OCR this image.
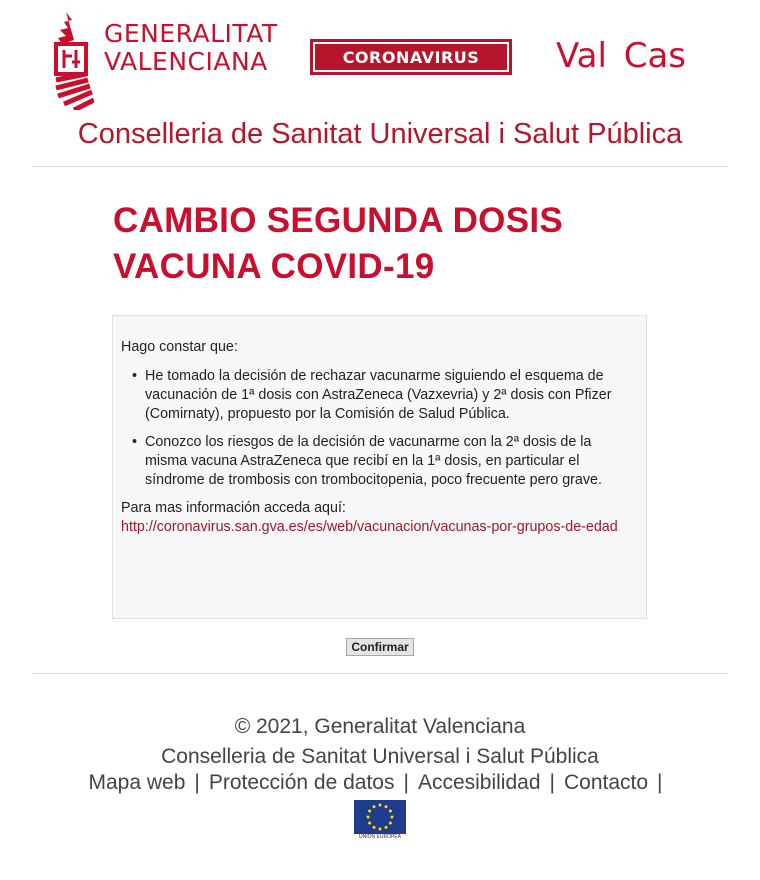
GENERALITAT
VALENCIANA	CORONAVIRUS	Val Cas
Conselleria de Sanitat Universal i Salut Pública
CAMBIO SEGUNDA DOSIS
VACUNA COVID-19

Hago constar que:

• He tomado la decisión de rechazar vacunarme siguiendo el esquema de vacunación de 1ª dosis con AstraZeneca (Vazxevria) y 2ª dosis con Pfizer (Comirnaty), propuesto por la Comisión de Salud Pública.
• Conozco los riesgos de la decisión de vacunarme con la 2ª dosis de la misma vacuna AstraZeneca que recibí en la 1ª dosis, en particular el síndrome de trombosis con trombocitopenia, poco frecuente pero grave.
Para mas información acceda aquí:
http://coronavirus.san.gva.es/es/web/vacunacion/vacunas-por-grupos-de-edad
Confirmar
© 2021, Generalitat Valenciana
Conselleria de Sanitat Universal i Salut Pública
Mapa web | Protección de datos | Accesibilidad | Contacto |
UNIÓN EUROPEA
